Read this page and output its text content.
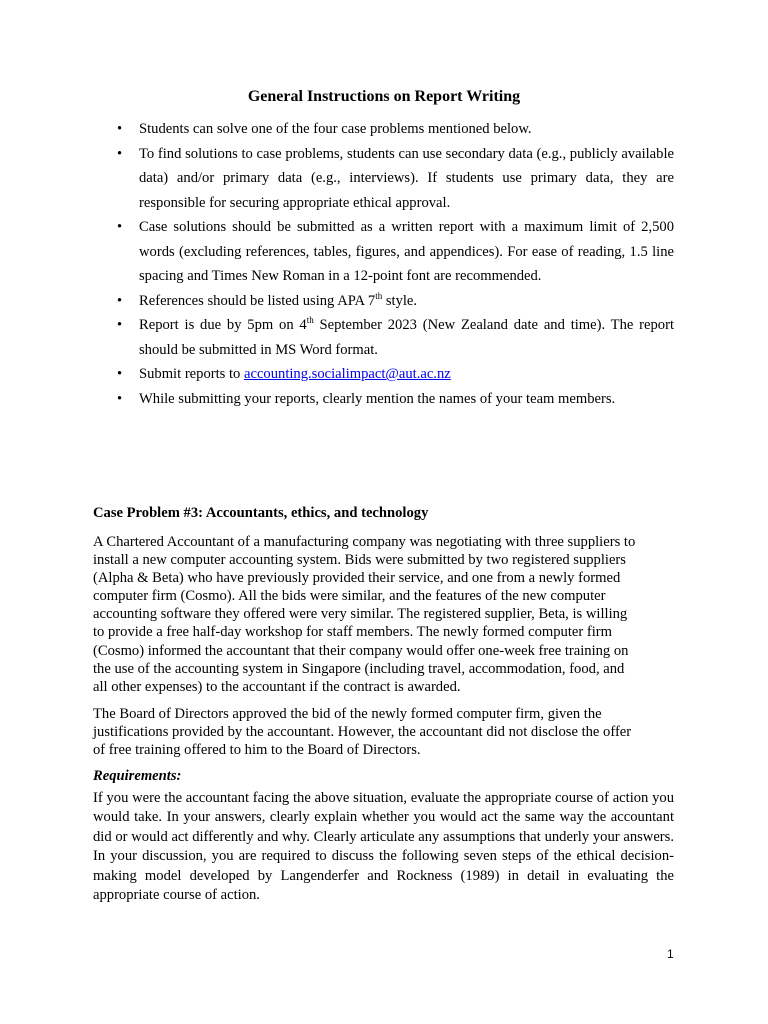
General Instructions on Report Writing
• Students can solve one of the four case problems mentioned below.
• To find solutions to case problems, students can use secondary data (e.g., publicly available data) and/or primary data (e.g., interviews). If students use primary data, they are responsible for securing appropriate ethical approval.
• Case solutions should be submitted as a written report with a maximum limit of 2,500 words (excluding references, tables, figures, and appendices). For ease of reading, 1.5 line spacing and Times New Roman in a 12-point font are recommended.
• References should be listed using APA 7th style.
• Report is due by 5pm on 4th September 2023 (New Zealand date and time). The report should be submitted in MS Word format.
• Submit reports to accounting.socialimpact@aut.ac.nz
• While submitting your reports, clearly mention the names of your team members.
Case Problem #3: Accountants, ethics, and technology
A Chartered Accountant of a manufacturing company was negotiating with three suppliers to
install a new computer accounting system. Bids were submitted by two registered suppliers
(Alpha & Beta) who have previously provided their service, and one from a newly formed
computer firm (Cosmo). All the bids were similar, and the features of the new computer
accounting software they offered were very similar. The registered supplier, Beta, is willing
to provide a free half-day workshop for staff members. The newly formed computer firm
(Cosmo) informed the accountant that their company would offer one-week free training on
the use of the accounting system in Singapore (including travel, accommodation, food, and
all other expenses) to the accountant if the contract is awarded.
The Board of Directors approved the bid of the newly formed computer firm, given the
justifications provided by the accountant. However, the accountant did not disclose the offer
of free training offered to him to the Board of Directors.
Requirements:
If you were the accountant facing the above situation, evaluate the appropriate course of action you would take. In your answers, clearly explain whether you would act the same way the accountant did or would act differently and why. Clearly articulate any assumptions that underly your answers. In your discussion, you are required to discuss the following seven steps of the ethical decision-making model developed by Langenderfer and Rockness (1989) in detail in evaluating the appropriate course of action.
1
